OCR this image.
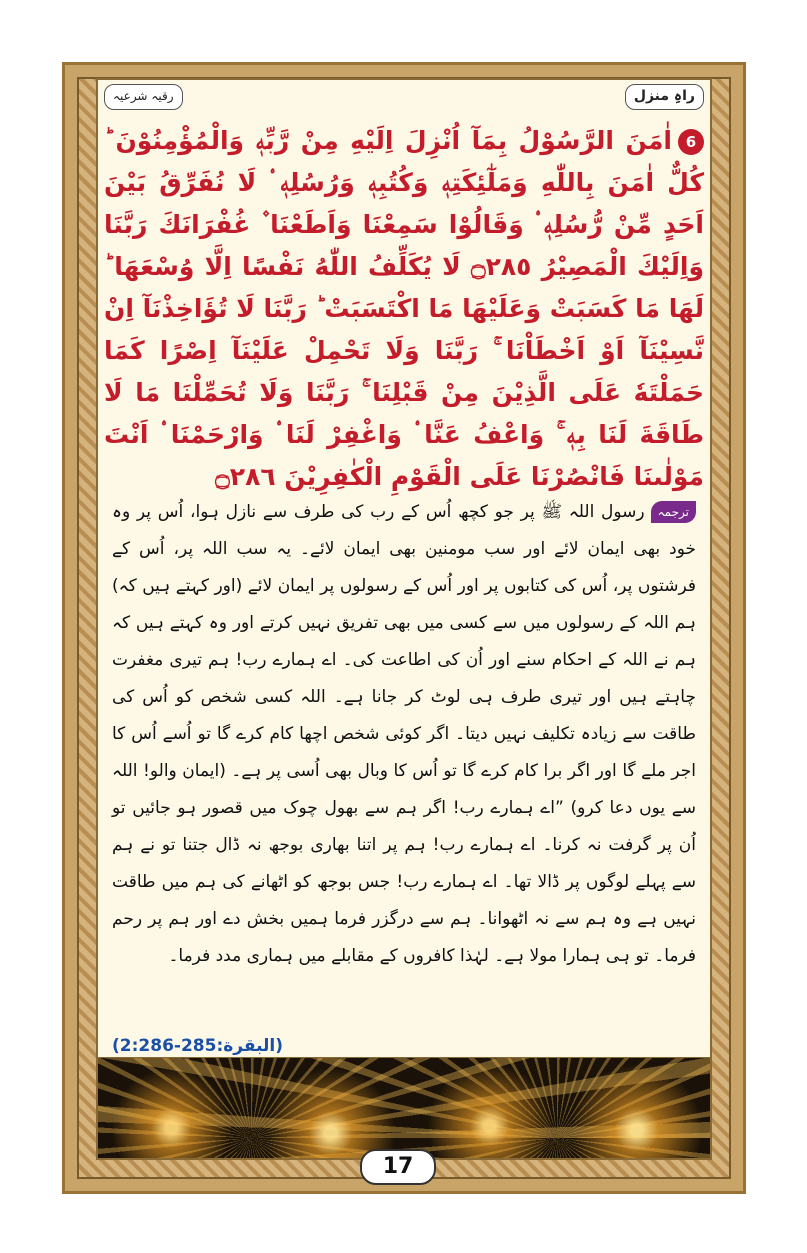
راہِ منزل
رقیہ شرعیہ
6اٰمَنَ الرَّسُوْلُ بِمَآ اُنْزِلَ اِلَيْهِ مِنْ رَّبِّهٖ وَالْمُؤْمِنُوْنَ ؕ كُلٌّ اٰمَنَ بِاللّٰهِ وَمَلٰٓئِكَتِهٖ وَكُتُبِهٖ وَرُسُلِهٖ ۟ لَا نُفَرِّقُ بَيْنَ اَحَدٍ مِّنْ رُّسُلِهٖ ۟ وَقَالُوْا سَمِعْنَا وَاَطَعْنَا ۫ غُفْرَانَكَ رَبَّنَا وَاِلَيْكَ الْمَصِيْرُ ۝٢٨٥ لَا يُكَلِّفُ اللّٰهُ نَفْسًا اِلَّا وُسْعَهَا ؕ لَهَا مَا كَسَبَتْ وَعَلَيْهَا مَا اكْتَسَبَتْ ؕ رَبَّنَا لَا تُؤَاخِذْنَآ اِنْ نَّسِيْنَآ اَوْ اَخْطَاْنَا ۚ رَبَّنَا وَلَا تَحْمِلْ عَلَيْنَآ اِصْرًا كَمَا حَمَلْتَهٗ عَلَى الَّذِيْنَ مِنْ قَبْلِنَا ۚ رَبَّنَا وَلَا تُحَمِّلْنَا مَا لَا طَاقَةَ لَنَا بِهٖ ۚ وَاعْفُ عَنَّا ۟ وَاغْفِرْ لَنَا ۟ وَارْحَمْنَا ۟ اَنْتَ مَوْلٰىنَا فَانْصُرْنَا عَلَى الْقَوْمِ الْكٰفِرِيْنَ ۝٢٨٦
ترجمہرسول اللہ ﷺ پر جو کچھ اُس کے رب کی طرف سے نازل ہوا، اُس پر وہ خود بھی ایمان لائے اور سب مومنین بھی ایمان لائے۔ یہ سب اللہ پر، اُس کے فرشتوں پر، اُس کی کتابوں پر اور اُس کے رسولوں پر ایمان لائے (اور کہتے ہیں کہ) ہم اللہ کے رسولوں میں سے کسی میں بھی تفریق نہیں کرتے اور وہ کہتے ہیں کہ ہم نے اللہ کے احکام سنے اور اُن کی اطاعت کی۔ اے ہمارے رب! ہم تیری مغفرت چاہتے ہیں اور تیری طرف ہی لوٹ کر جانا ہے۔ اللہ کسی شخص کو اُس کی طاقت سے زیادہ تکلیف نہیں دیتا۔ اگر کوئی شخص اچھا کام کرے گا تو اُسے اُس کا اجر ملے گا اور اگر برا کام کرے گا تو اُس کا وبال بھی اُسی پر ہے۔ (ایمان والو! اللہ سے یوں دعا کرو) ”اے ہمارے رب! اگر ہم سے بھول چوک میں قصور ہو جائیں تو اُن پر گرفت نہ کرنا۔ اے ہمارے رب! ہم پر اتنا بھاری بوجھ نہ ڈال جتنا تو نے ہم سے پہلے لوگوں پر ڈالا تھا۔ اے ہمارے رب! جس بوجھ کو اٹھانے کی ہم میں طاقت نہیں ہے وہ ہم سے نہ اٹھوانا۔ ہم سے درگزر فرما ہمیں بخش دے اور ہم پر رحم فرما۔ تو ہی ہمارا مولا ہے۔ لہٰذا کافروں کے مقابلے میں ہماری مدد فرما۔
(2:البقرة:285-286)
17
